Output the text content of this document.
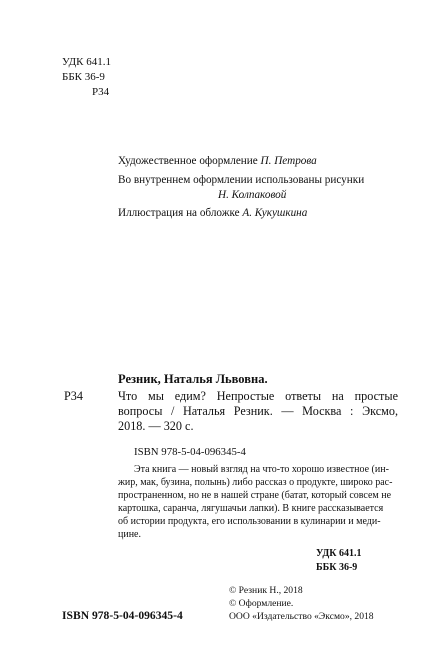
УДК 641.1
ББК 36-9
Р34
Художественное оформление П. Петрова
Во внутреннем оформлении использованы рисунки
Н. Колпаковой
Иллюстрация на обложке А. Кукушкина
Резник, Наталья Львовна.
Р34	Что мы едим? Непростые ответы на простые
вопросы / Наталья Резник. — Москва : Эксмо,
2018. — 320 с.
ISBN 978-5-04-096345-4
Эта книга — новый взгляд на что-то хорошо известное (ин-
жир, мак, бузина, полынь) либо рассказ о продукте, широко рас-
пространенном, но не в нашей стране (батат, который совсем не
картошка, саранча, лягушачьи лапки). В книге рассказывается
об истории продукта, его использовании в кулинарии и меди-
цине.
УДК 641.1
ББК 36-9
© Резник Н., 2018
© Оформление.
ООО «Издательство «Эксмо», 2018
ISBN 978-5-04-096345-4
